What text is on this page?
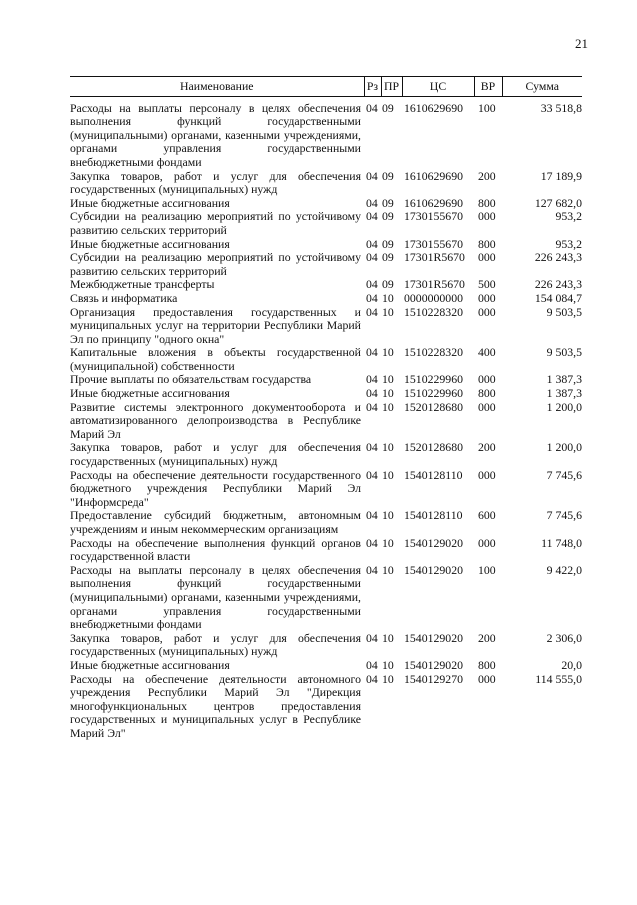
21
Наименование	Рз	ПР	ЦС	ВР	Сумма
Расходы на выплаты персоналу в целях обеспечения выполнения функций государственными (муниципальными) органами, казенными учреждениями, органами управления государственными внебюджетными фондами	04	09	1610629690	100	33 518,8
Закупка товаров, работ и услуг для обеспечения государственных (муниципальных) нужд	04	09	1610629690	200	17 189,9
Иные бюджетные ассигнования	04	09	1610629690	800	127 682,0
Субсидии на реализацию мероприятий по устойчивому развитию сельских территорий	04	09	1730155670	000	953,2
Иные бюджетные ассигнования	04	09	1730155670	800	953,2
Субсидии на реализацию мероприятий по устойчивому развитию сельских территорий	04	09	17301R5670	000	226 243,3
Межбюджетные трансферты	04	09	17301R5670	500	226 243,3
Связь и информатика	04	10	0000000000	000	154 084,7
Организация предоставления государственных и муниципальных услуг на территории Республики Марий Эл по принципу "одного окна"	04	10	1510228320	000	9 503,5
Капитальные вложения в объекты государственной (муниципальной) собственности	04	10	1510228320	400	9 503,5
Прочие выплаты по обязательствам государства	04	10	1510229960	000	1 387,3
Иные бюджетные ассигнования	04	10	1510229960	800	1 387,3
Развитие системы электронного документооборота и автоматизированного делопроизводства в Республике Марий Эл	04	10	1520128680	000	1 200,0
Закупка товаров, работ и услуг для обеспечения государственных (муниципальных) нужд	04	10	1520128680	200	1 200,0
Расходы на обеспечение деятельности государственного бюджетного учреждения Республики Марий Эл "Информсреда"	04	10	1540128110	000	7 745,6
Предоставление субсидий бюджетным, автономным учреждениям и иным некоммерческим организациям	04	10	1540128110	600	7 745,6
Расходы на обеспечение выполнения функций органов государственной власти	04	10	1540129020	000	11 748,0
Расходы на выплаты персоналу в целях обеспечения выполнения функций государственными (муниципальными) органами, казенными учреждениями, органами управления государственными внебюджетными фондами	04	10	1540129020	100	9 422,0
Закупка товаров, работ и услуг для обеспечения государственных (муниципальных) нужд	04	10	1540129020	200	2 306,0
Иные бюджетные ассигнования	04	10	1540129020	800	20,0
Расходы на обеспечение деятельности автономного учреждения Республики Марий Эл "Дирекция многофункциональных центров предоставления государственных и муниципальных услуг в Республике Марий Эл"	04	10	1540129270	000	114 555,0
